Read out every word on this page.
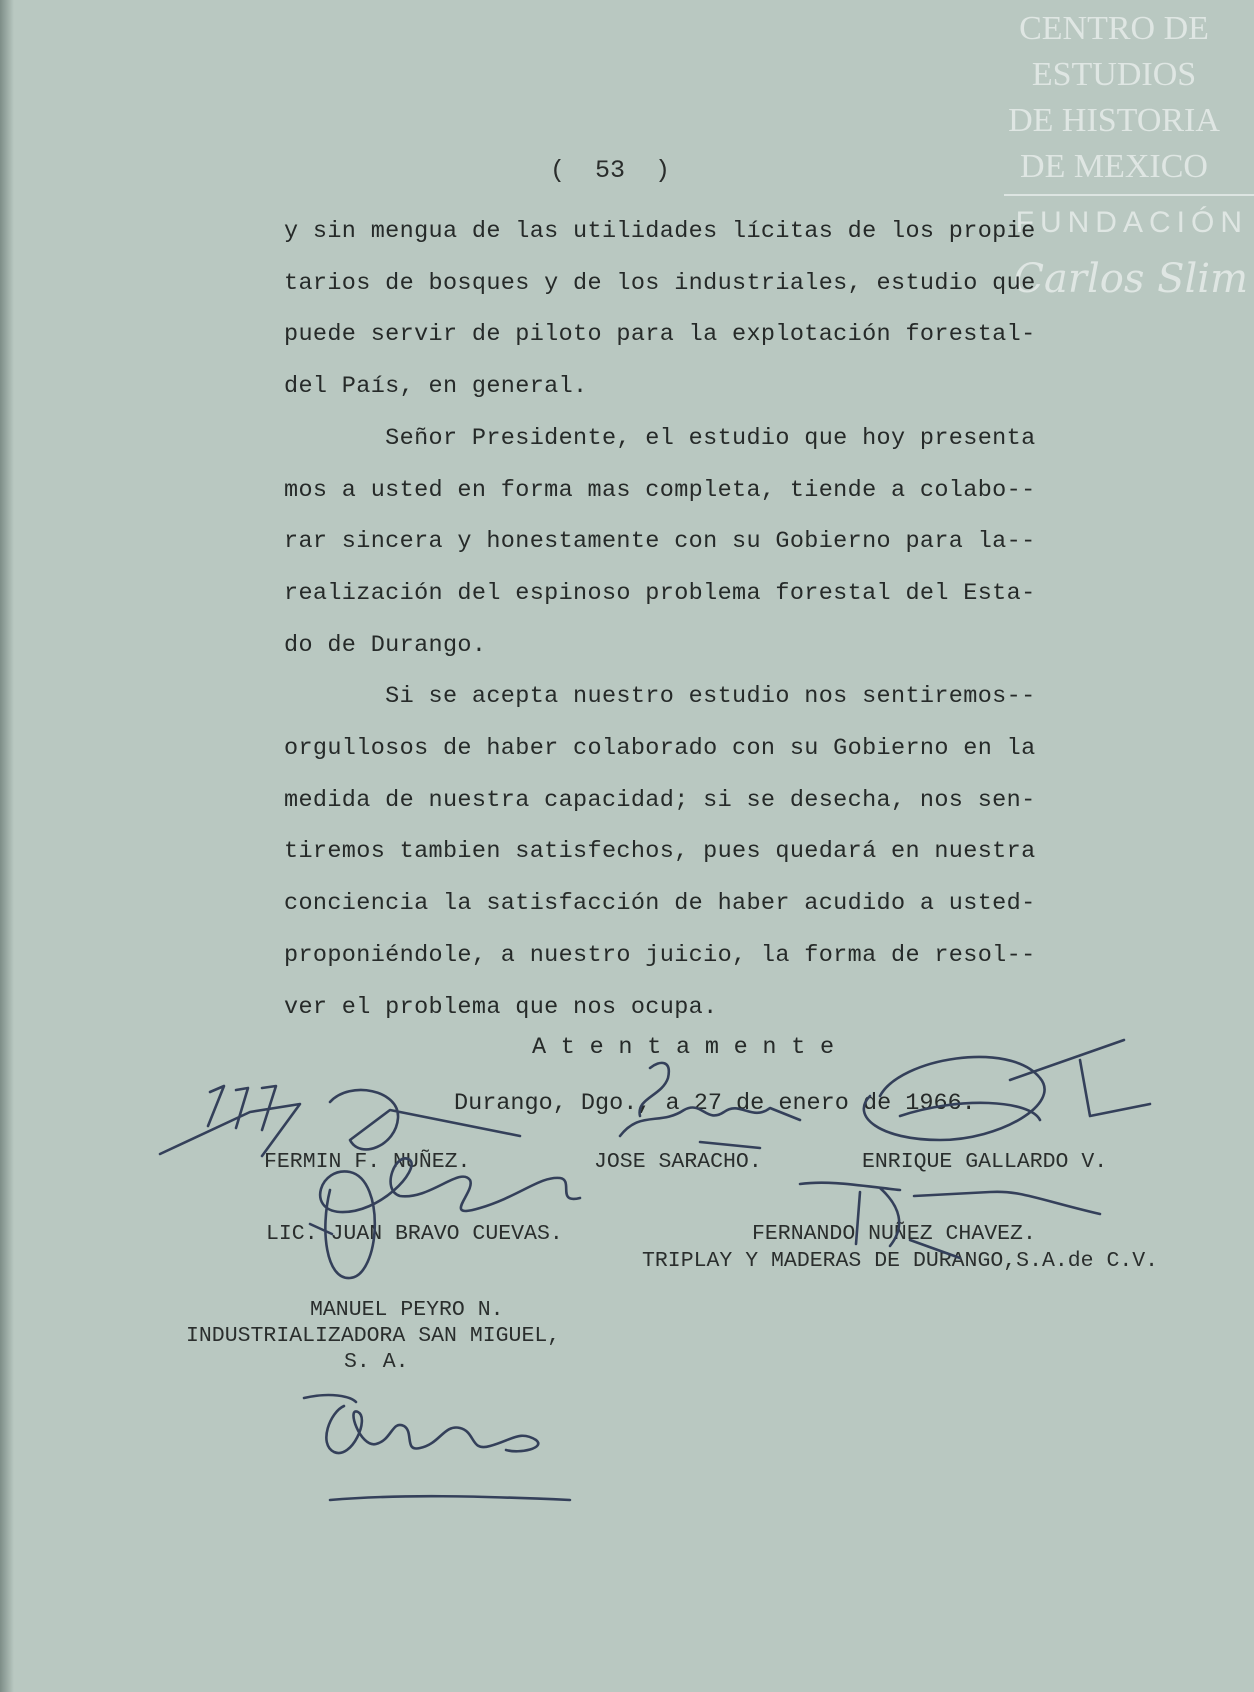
CENTRO DE
ESTUDIOS
DE HISTORIA
DE MEXICO
FUNDACIÓN
Carlos Slim
(  53  )
y sin mengua de las utilidades lícitas de los propie
tarios de bosques y de los industriales, estudio que
puede servir de piloto para la explotación forestal-
del País, en general.
Señor Presidente, el estudio que hoy presenta
mos a usted en forma mas completa, tiende a colabo--
rar sincera y honestamente con su Gobierno para la--
realización del espinoso problema forestal del Esta-
do de Durango.
Si se acepta nuestro estudio nos sentiremos--
orgullosos de haber colaborado con su Gobierno en la
medida de nuestra capacidad; si se desecha, nos sen-
tiremos tambien satisfechos, pues quedará en nuestra
conciencia la satisfacción de haber acudido a usted-
proponiéndole, a nuestro juicio, la forma de resol--
ver el problema que nos ocupa.
A t e n t a m e n t e
Durango, Dgo., a 27 de enero de 1966.
FERMIN F. NUÑEZ.	JOSE SARACHO.	ENRIQUE GALLARDO V.
LIC. JUAN BRAVO CUEVAS.	FERNANDO NUÑEZ CHAVEZ.
TRIPLAY Y MADERAS DE DURANGO,S.A.de C.V.
MANUEL PEYRO N.
INDUSTRIALIZADORA SAN MIGUEL,
S. A.
